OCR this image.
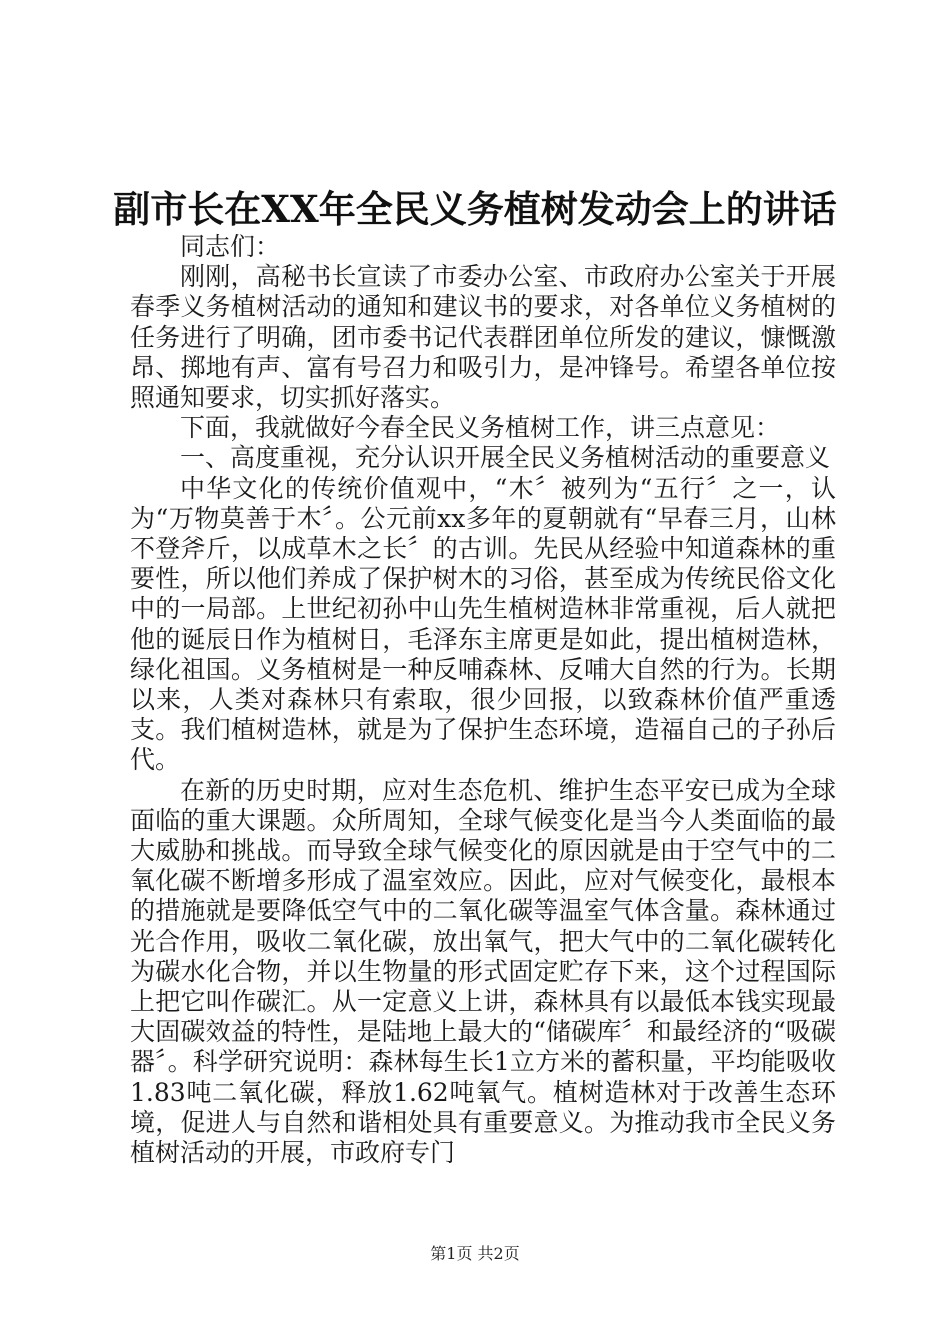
副市长在XX年全民义务植树发动会上的讲话

同志们：

刚刚，高秘书长宣读了市委办公室、市政府办公室关于开展春季义务植树活动的通知和建议书的要求，对各单位义务植树的任务进行了明确，团市委书记代表群团单位所发的建议，慷慨激昂、掷地有声、富有号召力和吸引力，是冲锋号。希望各单位按照通知要求，切实抓好落实。

下面，我就做好今春全民义务植树工作，讲三点意见：

一、高度重视，充分认识开展全民义务植树活动的重要意义

中华文化的传统价值观中，“木〞被列为“五行〞之一，认为“万物莫善于木〞。公元前xx多年的夏朝就有“早春三月，山林不登斧斤，以成草木之长〞的古训。先民从经验中知道森林的重要性，所以他们养成了保护树木的习俗，甚至成为传统民俗文化中的一局部。上世纪初孙中山先生植树造林非常重视，后人就把他的诞辰日作为植树日，毛泽东主席更是如此，提出植树造林，绿化祖国。义务植树是一种反哺森林、反哺大自然的行为。长期以来，人类对森林只有索取，很少回报，以致森林价值严重透支。我们植树造林，就是为了保护生态环境，造福自己的子孙后代。

在新的历史时期，应对生态危机、维护生态平安已成为全球面临的重大课题。众所周知，全球气候变化是当今人类面临的最大威胁和挑战。而导致全球气候变化的原因就是由于空气中的二氧化碳不断增多形成了温室效应。因此，应对气候变化，最根本的措施就是要降低空气中的二氧化碳等温室气体含量。森林通过光合作用，吸收二氧化碳，放出氧气，把大气中的二氧化碳转化为碳水化合物，并以生物量的形式固定贮存下来，这个过程国际上把它叫作碳汇。从一定意义上讲，森林具有以最低本钱实现最大固碳效益的特性，是陆地上最大的“储碳库〞和最经济的“吸碳器〞。科学研究说明：森林每生长1立方米的蓄积量，平均能吸收1.83吨二氧化碳，释放1.62吨氧气。植树造林对于改善生态环境，促进人与自然和谐相处具有重要意义。为推动我市全民义务植树活动的开展，市政府专门

第1页 共2页
